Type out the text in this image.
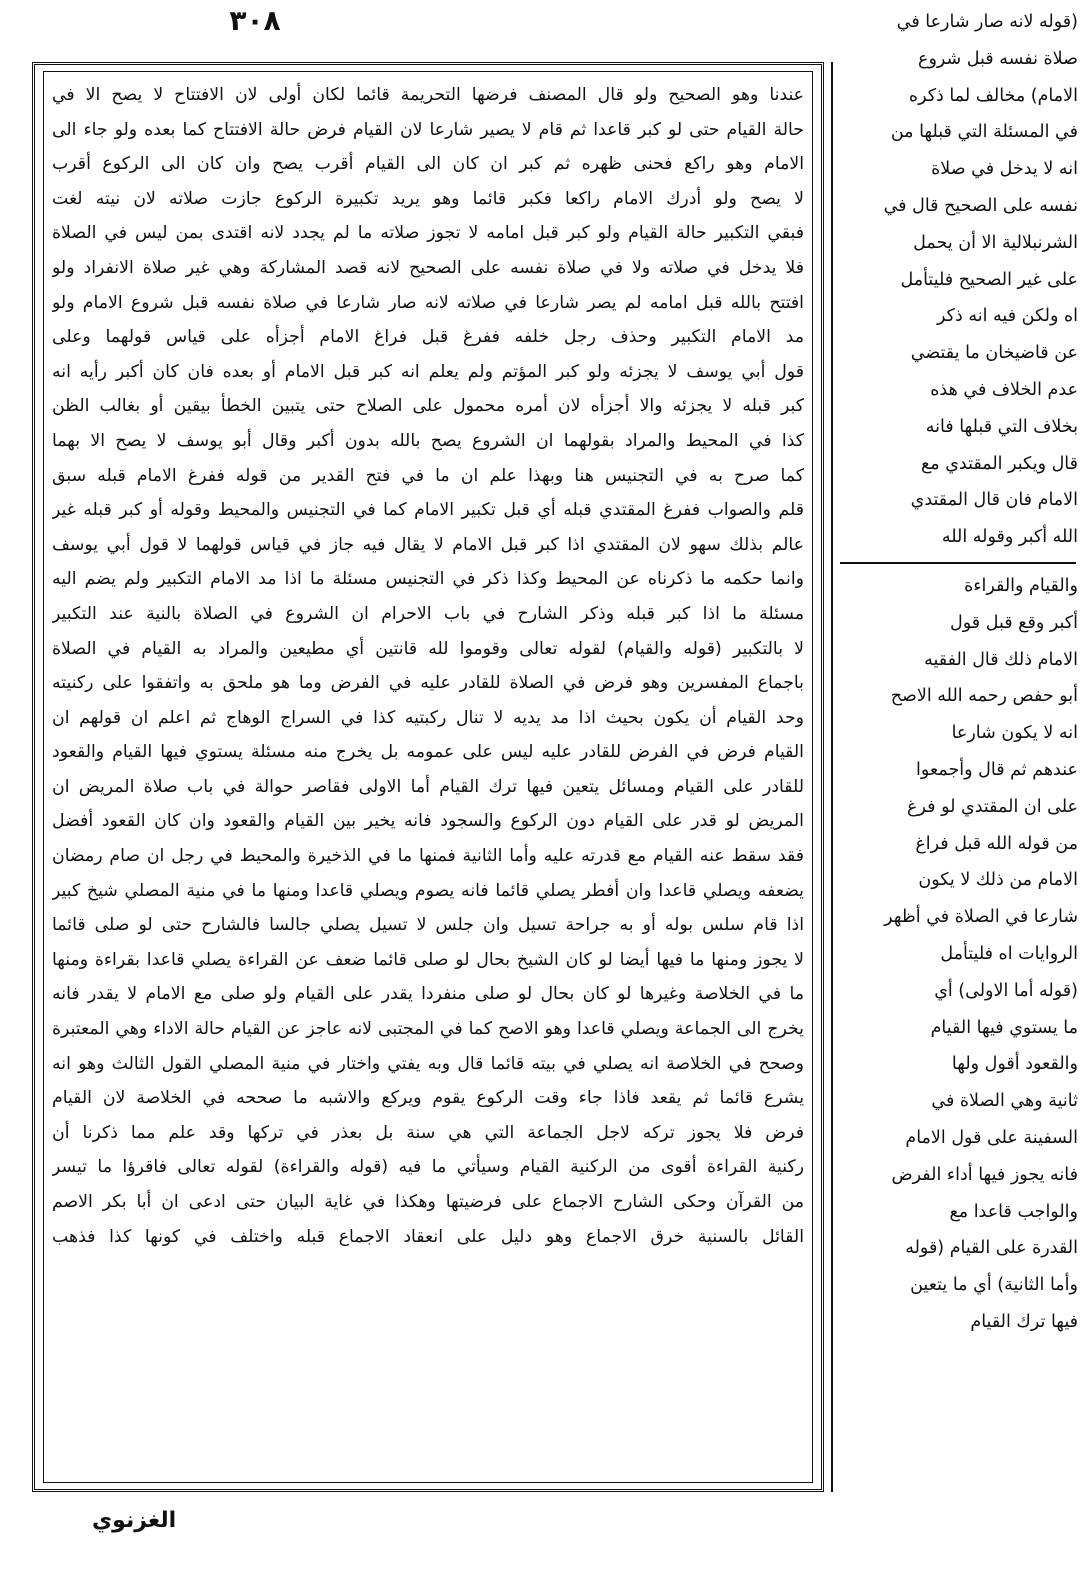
٣٠٨
عندنا وهو الصحيح ولو قال المصنف فرضها التحريمة قائما لكان أولى لان الافتتاح لا يصح الا في
حالة القيام حتى لو كبر قاعدا ثم قام لا يصير شارعا لان القيام فرض حالة الافتتاح كما بعده ولو جاء الى
الامام وهو راكع فحنى ظهره ثم كبر ان كان الى القيام أقرب يصح وان كان الى الركوع أقرب
لا يصح ولو أدرك الامام راكعا فكبر قائما وهو يريد تكبيرة الركوع جازت صلاته لان نيته لغت
فبقي التكبير حالة القيام ولو كبر قبل امامه لا تجوز صلاته ما لم يجدد لانه اقتدى بمن ليس في الصلاة
فلا يدخل في صلاته ولا في صلاة نفسه على الصحيح لانه قصد المشاركة وهي غير صلاة الانفراد ولو
افتتح بالله قبل امامه لم يصر شارعا في صلاته لانه صار شارعا في صلاة نفسه قبل شروع الامام ولو
مد الامام التكبير وحذف رجل خلفه ففرغ قبل فراغ الامام أجزأه على قياس قولهما وعلى
قول أبي يوسف لا يجزئه ولو كبر المؤتم ولم يعلم انه كبر قبل الامام أو بعده فان كان أكبر رأيه انه
كبر قبله لا يجزئه والا أجزأه لان أمره محمول على الصلاح حتى يتبين الخطأ بيقين أو بغالب الظن
كذا في المحيط والمراد بقولهما ان الشروع يصح بالله بدون أكبر وقال أبو يوسف لا يصح الا بهما
كما صرح به في التجنيس هنا وبهذا علم ان ما في فتح القدير من قوله ففرغ الامام قبله سبق
قلم والصواب ففرغ المقتدي قبله أي قبل تكبير الامام كما في التجنيس والمحيط وقوله أو كبر قبله غير
عالم بذلك سهو لان المقتدي اذا كبر قبل الامام لا يقال فيه جاز في قياس قولهما لا قول أبي يوسف
وانما حكمه ما ذكرناه عن المحيط وكذا ذكر في التجنيس مسئلة ما اذا مد الامام التكبير ولم يضم اليه
مسئلة ما اذا كبر قبله وذكر الشارح في باب الاحرام ان الشروع في الصلاة بالنية عند التكبير
لا بالتكبير (قوله والقيام) لقوله تعالى وقوموا لله قانتين أي مطيعين والمراد به القيام في الصلاة
باجماع المفسرين وهو فرض في الصلاة للقادر عليه في الفرض وما هو ملحق به واتفقوا على ركنيته
وحد القيام أن يكون بحيث اذا مد يديه لا تنال ركبتيه كذا في السراج الوهاج ثم اعلم ان قولهم ان
القيام فرض في الفرض للقادر عليه ليس على عمومه بل يخرج منه مسئلة يستوي فيها القيام والقعود
للقادر على القيام ومسائل يتعين فيها ترك القيام أما الاولى فقاصر حوالة في باب صلاة المريض ان
المريض لو قدر على القيام دون الركوع والسجود فانه يخير بين القيام والقعود وان كان القعود أفضل
فقد سقط عنه القيام مع قدرته عليه وأما الثانية فمنها ما في الذخيرة والمحيط في رجل ان صام رمضان
يضعفه ويصلي قاعدا وان أفطر يصلي قائما فانه يصوم ويصلي قاعدا ومنها ما في منية المصلي شيخ كبير
اذا قام سلس بوله أو به جراحة تسيل وان جلس لا تسيل يصلي جالسا فالشارح حتى لو صلى قائما
لا يجوز ومنها ما فيها أيضا لو كان الشيخ بحال لو صلى قائما ضعف عن القراءة يصلي قاعدا بقراءة ومنها
ما في الخلاصة وغيرها لو كان بحال لو صلى منفردا يقدر على القيام ولو صلى مع الامام لا يقدر فانه
يخرج الى الجماعة ويصلي قاعدا وهو الاصح كما في المجتبى لانه عاجز عن القيام حالة الاداء وهي المعتبرة
وصحح في الخلاصة انه يصلي في بيته قائما قال وبه يفتي واختار في منية المصلي القول الثالث وهو انه
يشرع قائما ثم يقعد فاذا جاء وقت الركوع يقوم ويركع والاشبه ما صححه في الخلاصة لان القيام
فرض فلا يجوز تركه لاجل الجماعة التي هي سنة بل بعذر في تركها وقد علم مما ذكرنا أن
ركنية القراءة أقوى من الركنية القيام وسيأتي ما فيه (قوله والقراءة) لقوله تعالى فاقرؤا ما تيسر
من القرآن وحكى الشارح الاجماع على فرضيتها وهكذا في غاية البيان حتى ادعى ان أبا بكر الاصم
القائل بالسنية خرق الاجماع وهو دليل على انعقاد الاجماع قبله واختلف في كونها كذا فذهب
(قوله لانه صار شارعا في
صلاة نفسه قبل شروع
الامام) مخالف لما ذكره
في المسئلة التي قبلها من
انه لا يدخل في صلاة
نفسه على الصحيح قال في
الشرنبلالية الا أن يحمل
على غير الصحيح فليتأمل
اه ولكن فيه انه ذكر
عن قاضيخان ما يقتضي
عدم الخلاف في هذه
بخلاف التي قبلها فانه
قال ويكبر المقتدي مع
الامام فان قال المقتدي
الله أكبر وقوله الله
والقيام والقراءة
أكبر وقع قبل قول
الامام ذلك قال الفقيه
أبو حفص رحمه الله الاصح
انه لا يكون شارعا
عندهم ثم قال وأجمعوا
على ان المقتدي لو فرغ
من قوله الله قبل فراغ
الامام من ذلك لا يكون
شارعا في الصلاة في أظهر
الروايات اه فليتأمل
(قوله أما الاولى) أي
ما يستوي فيها القيام
والقعود أقول ولها
ثانية وهي الصلاة في
السفينة على قول الامام
فانه يجوز فيها أداء الفرض
والواجب قاعدا مع
القدرة على القيام (قوله
وأما الثانية) أي ما يتعين
فيها ترك القيام
الغزنوي
